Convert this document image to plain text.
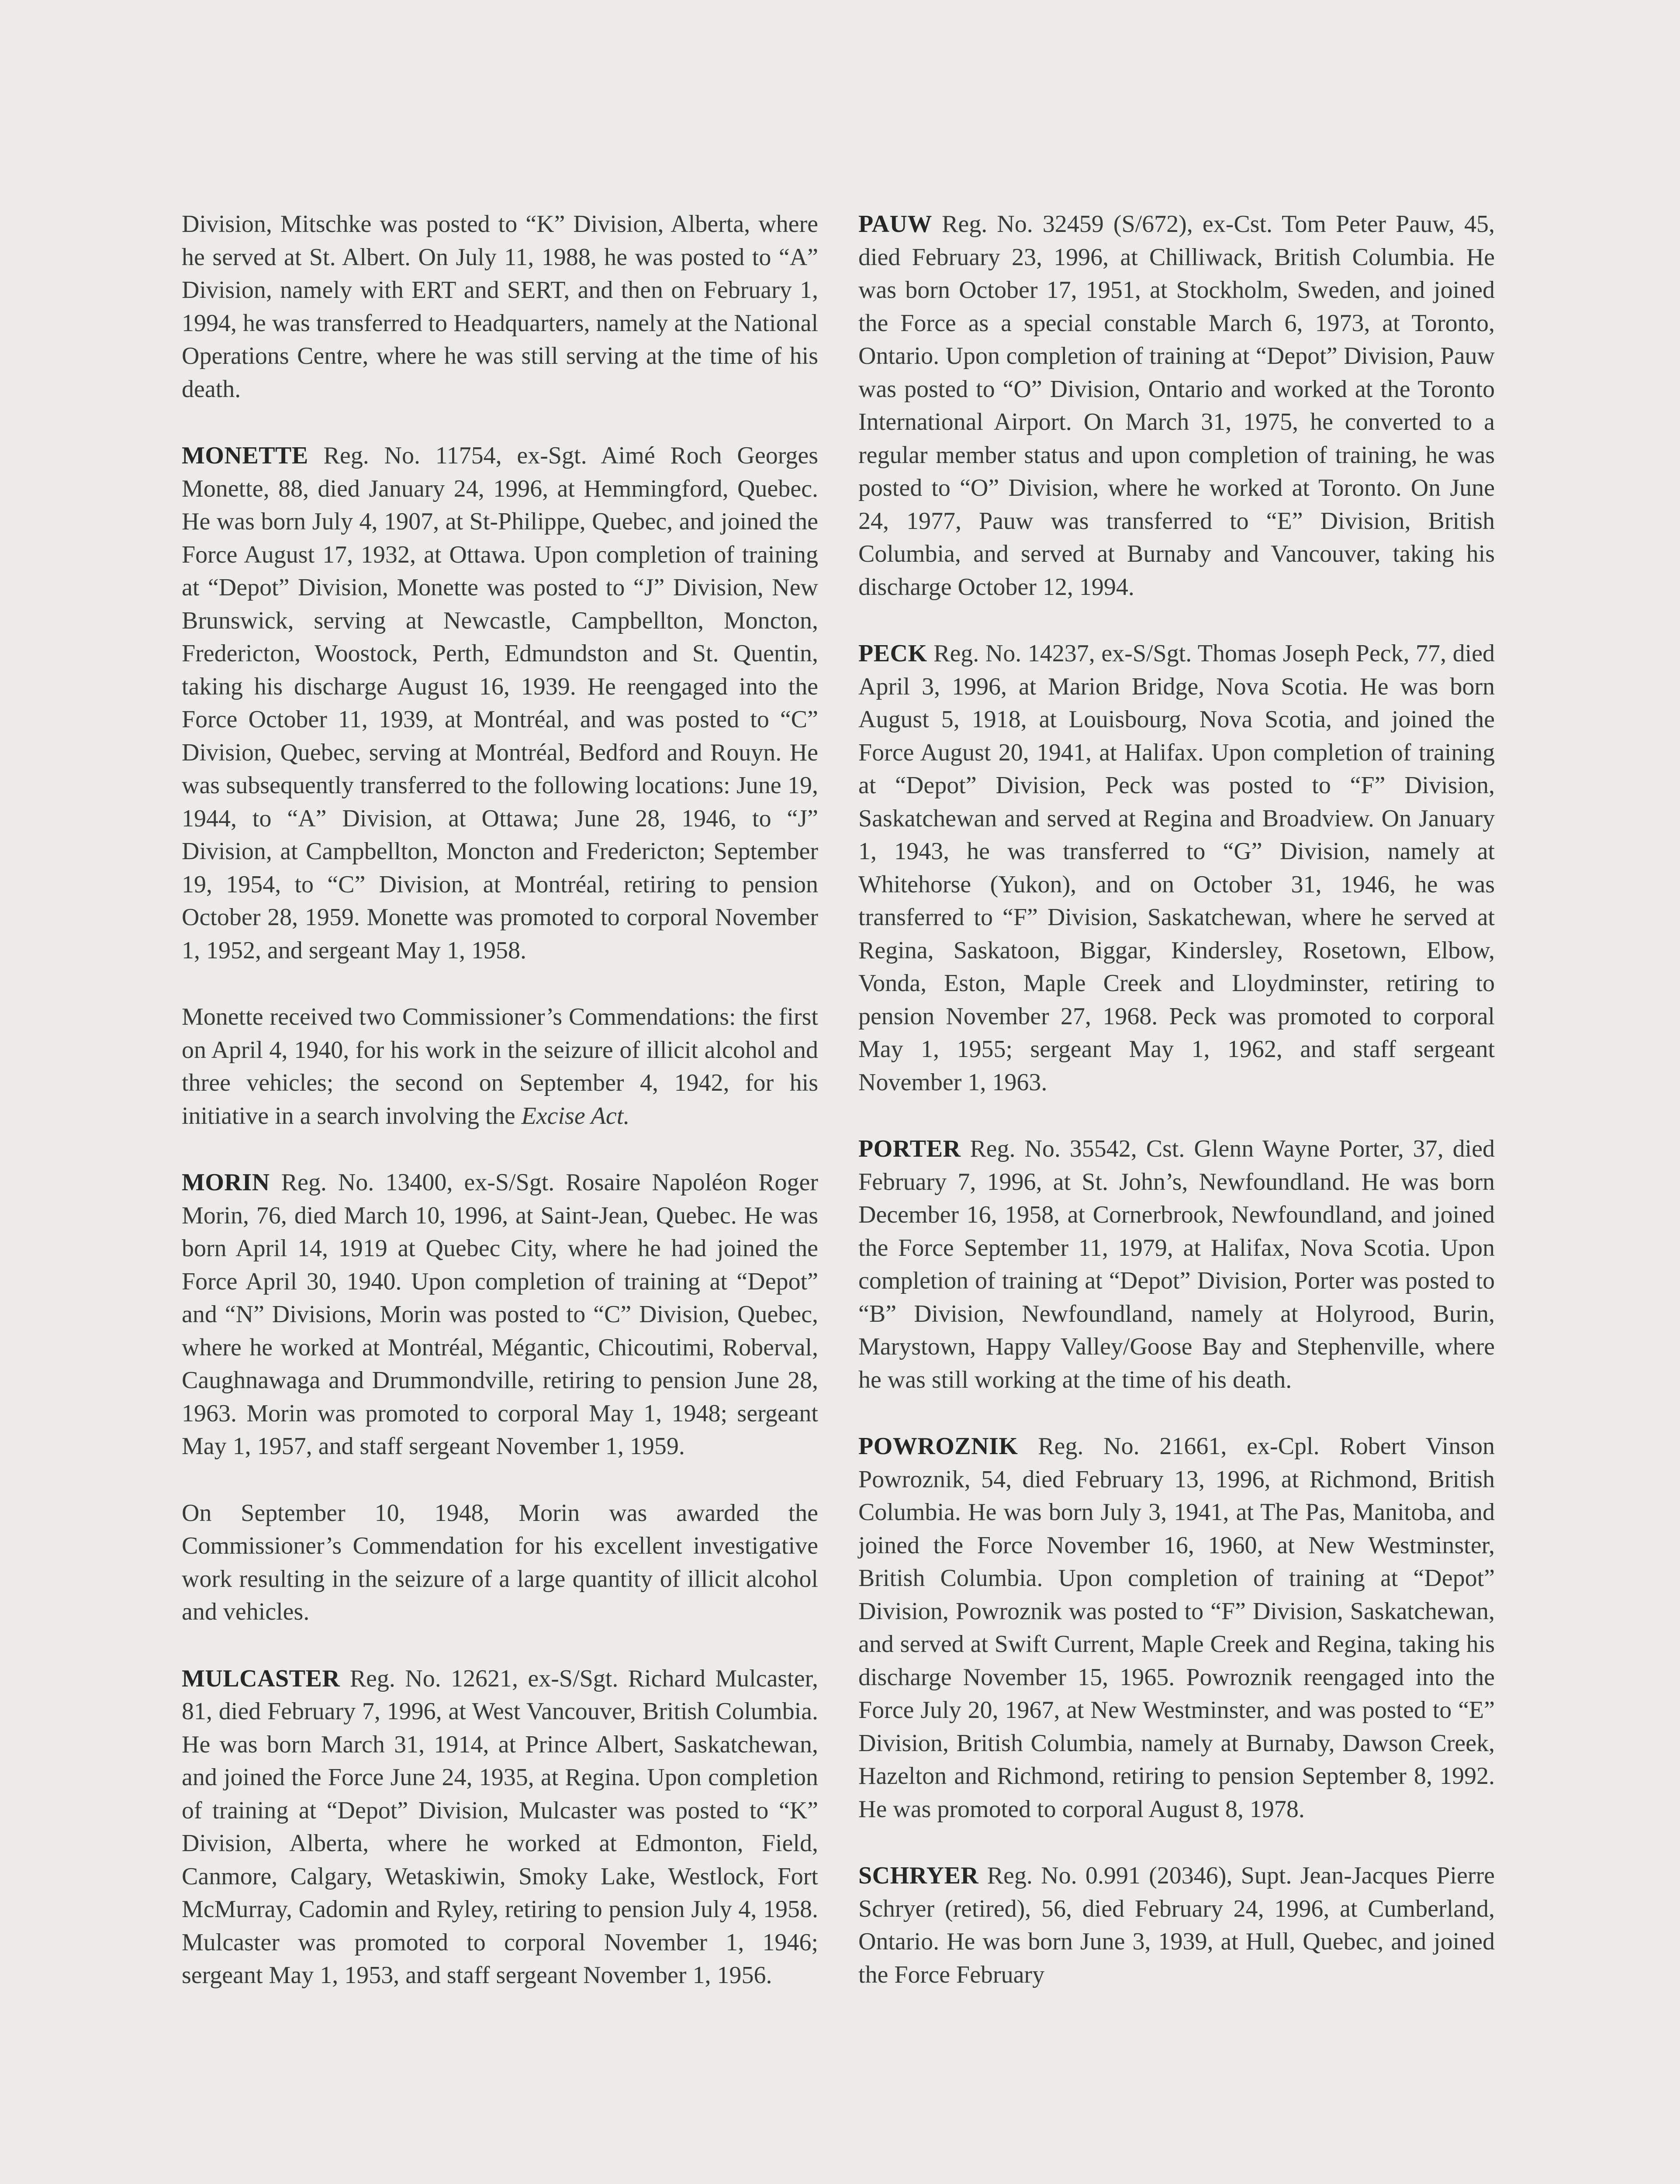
Division, Mitschke was posted to “K” Division, Alberta, where he served at St. Albert. On July 11, 1988, he was posted to “A” Division, namely with ERT and SERT, and then on February 1, 1994, he was transferred to Headquarters, namely at the National Operations Centre, where he was still serving at the time of his death.

MONETTE Reg. No. 11754, ex-Sgt. Aimé Roch Georges Monette, 88, died January 24, 1996, at Hemmingford, Quebec. He was born July 4, 1907, at St-Philippe, Quebec, and joined the Force August 17, 1932, at Ottawa. Upon completion of training at “Depot” Division, Monette was posted to “J” Division, New Brunswick, serving at Newcastle, Campbellton, Moncton, Fredericton, Woostock, Perth, Edmundston and St. Quentin, taking his discharge August 16, 1939. He reengaged into the Force October 11, 1939, at Montréal, and was posted to “C” Division, Quebec, serving at Montréal, Bedford and Rouyn. He was subsequently transferred to the following locations: June 19, 1944, to “A” Division, at Ottawa; June 28, 1946, to “J” Division, at Campbellton, Moncton and Fredericton; September 19, 1954, to “C” Division, at Montréal, retiring to pension October 28, 1959. Monette was promoted to corporal November 1, 1952, and sergeant May 1, 1958.

Monette received two Commissioner’s Commendations: the first on April 4, 1940, for his work in the seizure of illicit alcohol and three vehicles; the second on September 4, 1942, for his initiative in a search involving the Excise Act.

MORIN Reg. No. 13400, ex-S/Sgt. Rosaire Napoléon Roger Morin, 76, died March 10, 1996, at Saint-Jean, Quebec. He was born April 14, 1919 at Quebec City, where he had joined the Force April 30, 1940. Upon completion of training at “Depot” and “N” Divisions, Morin was posted to “C” Division, Quebec, where he worked at Montréal, Mégantic, Chicoutimi, Roberval, Caughnawaga and Drummondville, retiring to pension June 28, 1963. Morin was promoted to corporal May 1, 1948; sergeant May 1, 1957, and staff sergeant November 1, 1959.

On September 10, 1948, Morin was awarded the Commissioner’s Commendation for his excellent investigative work resulting in the seizure of a large quantity of illicit alcohol and vehicles.

MULCASTER Reg. No. 12621, ex-S/Sgt. Richard Mulcaster, 81, died February 7, 1996, at West Vancouver, British Columbia. He was born March 31, 1914, at Prince Albert, Saskatchewan, and joined the Force June 24, 1935, at Regina. Upon completion of training at “Depot” Division, Mulcaster was posted to “K” Division, Alberta, where he worked at Edmonton, Field, Canmore, Calgary, Wetaskiwin, Smoky Lake, Westlock, Fort McMurray, Cadomin and Ryley, retiring to pension July 4, 1958. Mulcaster was promoted to corporal November 1, 1946; sergeant May 1, 1953, and staff sergeant November 1, 1956.

PAUW Reg. No. 32459 (S/672), ex-Cst. Tom Peter Pauw, 45, died February 23, 1996, at Chilliwack, British Columbia. He was born October 17, 1951, at Stockholm, Sweden, and joined the Force as a special constable March 6, 1973, at Toronto, Ontario. Upon completion of training at “Depot” Division, Pauw was posted to “O” Division, Ontario and worked at the Toronto International Airport. On March 31, 1975, he converted to a regular member status and upon completion of training, he was posted to “O” Division, where he worked at Toronto. On June 24, 1977, Pauw was transferred to “E” Division, British Columbia, and served at Burnaby and Vancouver, taking his discharge October 12, 1994.

PECK Reg. No. 14237, ex-S/Sgt. Thomas Joseph Peck, 77, died April 3, 1996, at Marion Bridge, Nova Scotia. He was born August 5, 1918, at Louisbourg, Nova Scotia, and joined the Force August 20, 1941, at Halifax. Upon completion of training at “Depot” Division, Peck was posted to “F” Division, Saskatchewan and served at Regina and Broadview. On January 1, 1943, he was transferred to “G” Division, namely at Whitehorse (Yukon), and on October 31, 1946, he was transferred to “F” Division, Saskatchewan, where he served at Regina, Saskatoon, Biggar, Kindersley, Rosetown, Elbow, Vonda, Eston, Maple Creek and Lloydminster, retiring to pension November 27, 1968. Peck was promoted to corporal May 1, 1955; sergeant May 1, 1962, and staff sergeant November 1, 1963.

PORTER Reg. No. 35542, Cst. Glenn Wayne Porter, 37, died February 7, 1996, at St. John’s, Newfoundland. He was born December 16, 1958, at Cornerbrook, Newfoundland, and joined the Force September 11, 1979, at Halifax, Nova Scotia. Upon completion of training at “Depot” Division, Porter was posted to “B” Division, Newfoundland, namely at Holyrood, Burin, Marystown, Happy Valley/Goose Bay and Stephenville, where he was still working at the time of his death.

POWROZNIK Reg. No. 21661, ex-Cpl. Robert Vinson Powroznik, 54, died February 13, 1996, at Richmond, British Columbia. He was born July 3, 1941, at The Pas, Manitoba, and joined the Force November 16, 1960, at New Westminster, British Columbia. Upon completion of training at “Depot” Division, Powroznik was posted to “F” Division, Saskatchewan, and served at Swift Current, Maple Creek and Regina, taking his discharge November 15, 1965. Powroznik reengaged into the Force July 20, 1967, at New Westminster, and was posted to “E” Division, British Columbia, namely at Burnaby, Dawson Creek, Hazelton and Richmond, retiring to pension September 8, 1992. He was promoted to corporal August 8, 1978.

SCHRYER Reg. No. 0.991 (20346), Supt. Jean-Jacques Pierre Schryer (retired), 56, died February 24, 1996, at Cumberland, Ontario. He was born June 3, 1939, at Hull, Quebec, and joined the Force February
